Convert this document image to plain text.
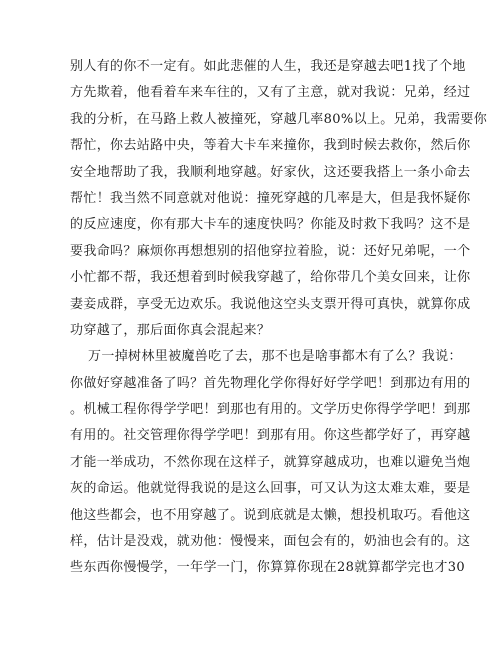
别人有的你不一定有。如此悲催的人生，我还是穿越去吧1找了个地
方先欺着，他看着车来车往的，又有了主意，就对我说：兄弟，经过
我的分析，在马路上救人被撞死，穿越几率80%以上。兄弟，我需要你
帮忙，你去站路中央，等着大卡车来撞你，我到时候去救你，然后你
安全地帮助了我，我顺利地穿越。好家伙，这还要我搭上一条小命去
帮忙！我当然不同意就对他说：撞死穿越的几率是大，但是我怀疑你
的反应速度，你有那大卡车的速度快吗？你能及时救下我吗？这不是
要我命吗？麻烦你再想想别的招他穿拉着脸，说：还好兄弟呢，一个
小忙都不帮，我还想着到时候我穿越了，给你带几个美女回来，让你
妻妾成群，享受无边欢乐。我说他这空头支票开得可真快，就算你成
功穿越了，那后面你真会混起来？
万一掉树林里被魔兽吃了去，那不也是啥事都木有了么？我说：
你做好穿越准备了吗？首先物理化学你得好好学学吧！到那边有用的
。机械工程你得学学吧！到那也有用的。文学历史你得学学吧！到那
有用的。社交管理你得学学吧！到那有用。你这些都学好了，再穿越
才能一举成功，不然你现在这样子，就算穿越成功，也难以避免当炮
灰的命运。他就觉得我说的是这么回事，可又认为这太难太难，要是
他这些都会，也不用穿越了。说到底就是太懒，想投机取巧。看他这
样，估计是没戏，就劝他：慢慢来，面包会有的，奶油也会有的。这
些东西你慢慢学，一年学一门，你算算你现在28就算都学完也才30
